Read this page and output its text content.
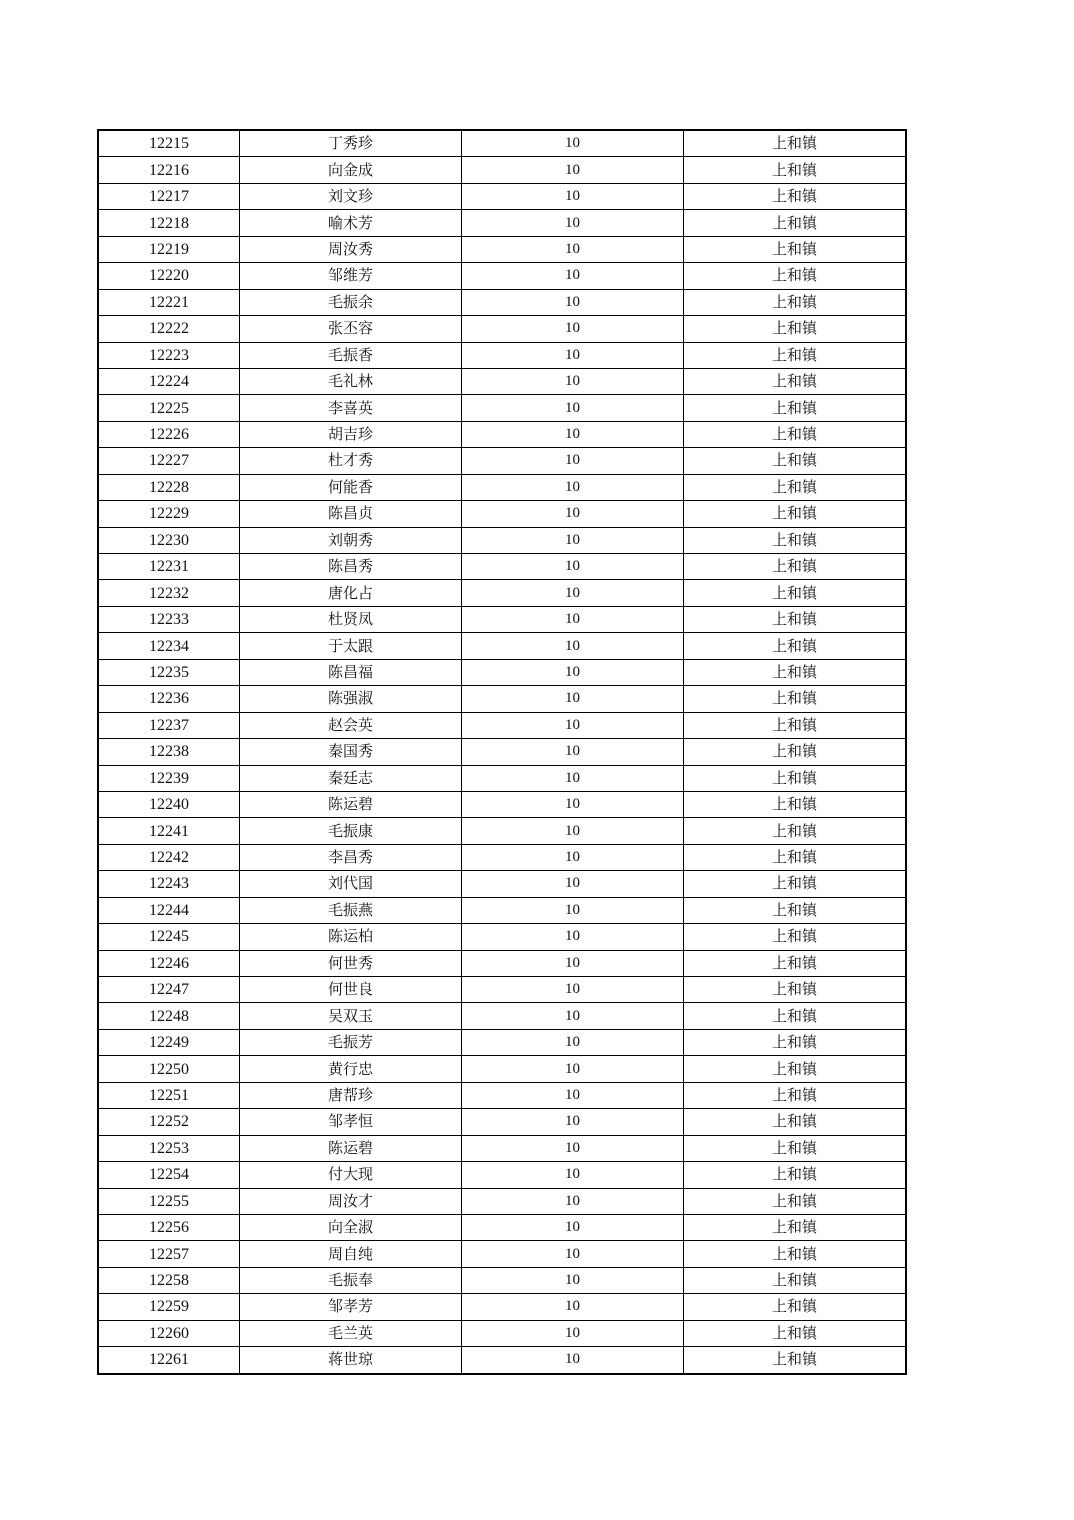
12215	丁秀珍	10	上和镇
12216	向金成	10	上和镇
12217	刘文珍	10	上和镇
12218	喻术芳	10	上和镇
12219	周汝秀	10	上和镇
12220	邹维芳	10	上和镇
12221	毛振余	10	上和镇
12222	张丕容	10	上和镇
12223	毛振香	10	上和镇
12224	毛礼林	10	上和镇
12225	李喜英	10	上和镇
12226	胡吉珍	10	上和镇
12227	杜才秀	10	上和镇
12228	何能香	10	上和镇
12229	陈昌贞	10	上和镇
12230	刘朝秀	10	上和镇
12231	陈昌秀	10	上和镇
12232	唐化占	10	上和镇
12233	杜贤凤	10	上和镇
12234	于太跟	10	上和镇
12235	陈昌福	10	上和镇
12236	陈强淑	10	上和镇
12237	赵会英	10	上和镇
12238	秦国秀	10	上和镇
12239	秦廷志	10	上和镇
12240	陈运碧	10	上和镇
12241	毛振康	10	上和镇
12242	李昌秀	10	上和镇
12243	刘代国	10	上和镇
12244	毛振燕	10	上和镇
12245	陈运柏	10	上和镇
12246	何世秀	10	上和镇
12247	何世良	10	上和镇
12248	吴双玉	10	上和镇
12249	毛振芳	10	上和镇
12250	黄行忠	10	上和镇
12251	唐帮珍	10	上和镇
12252	邹孝恒	10	上和镇
12253	陈运碧	10	上和镇
12254	付大现	10	上和镇
12255	周汝才	10	上和镇
12256	向全淑	10	上和镇
12257	周自纯	10	上和镇
12258	毛振奉	10	上和镇
12259	邹孝芳	10	上和镇
12260	毛兰英	10	上和镇
12261	蒋世琼	10	上和镇
